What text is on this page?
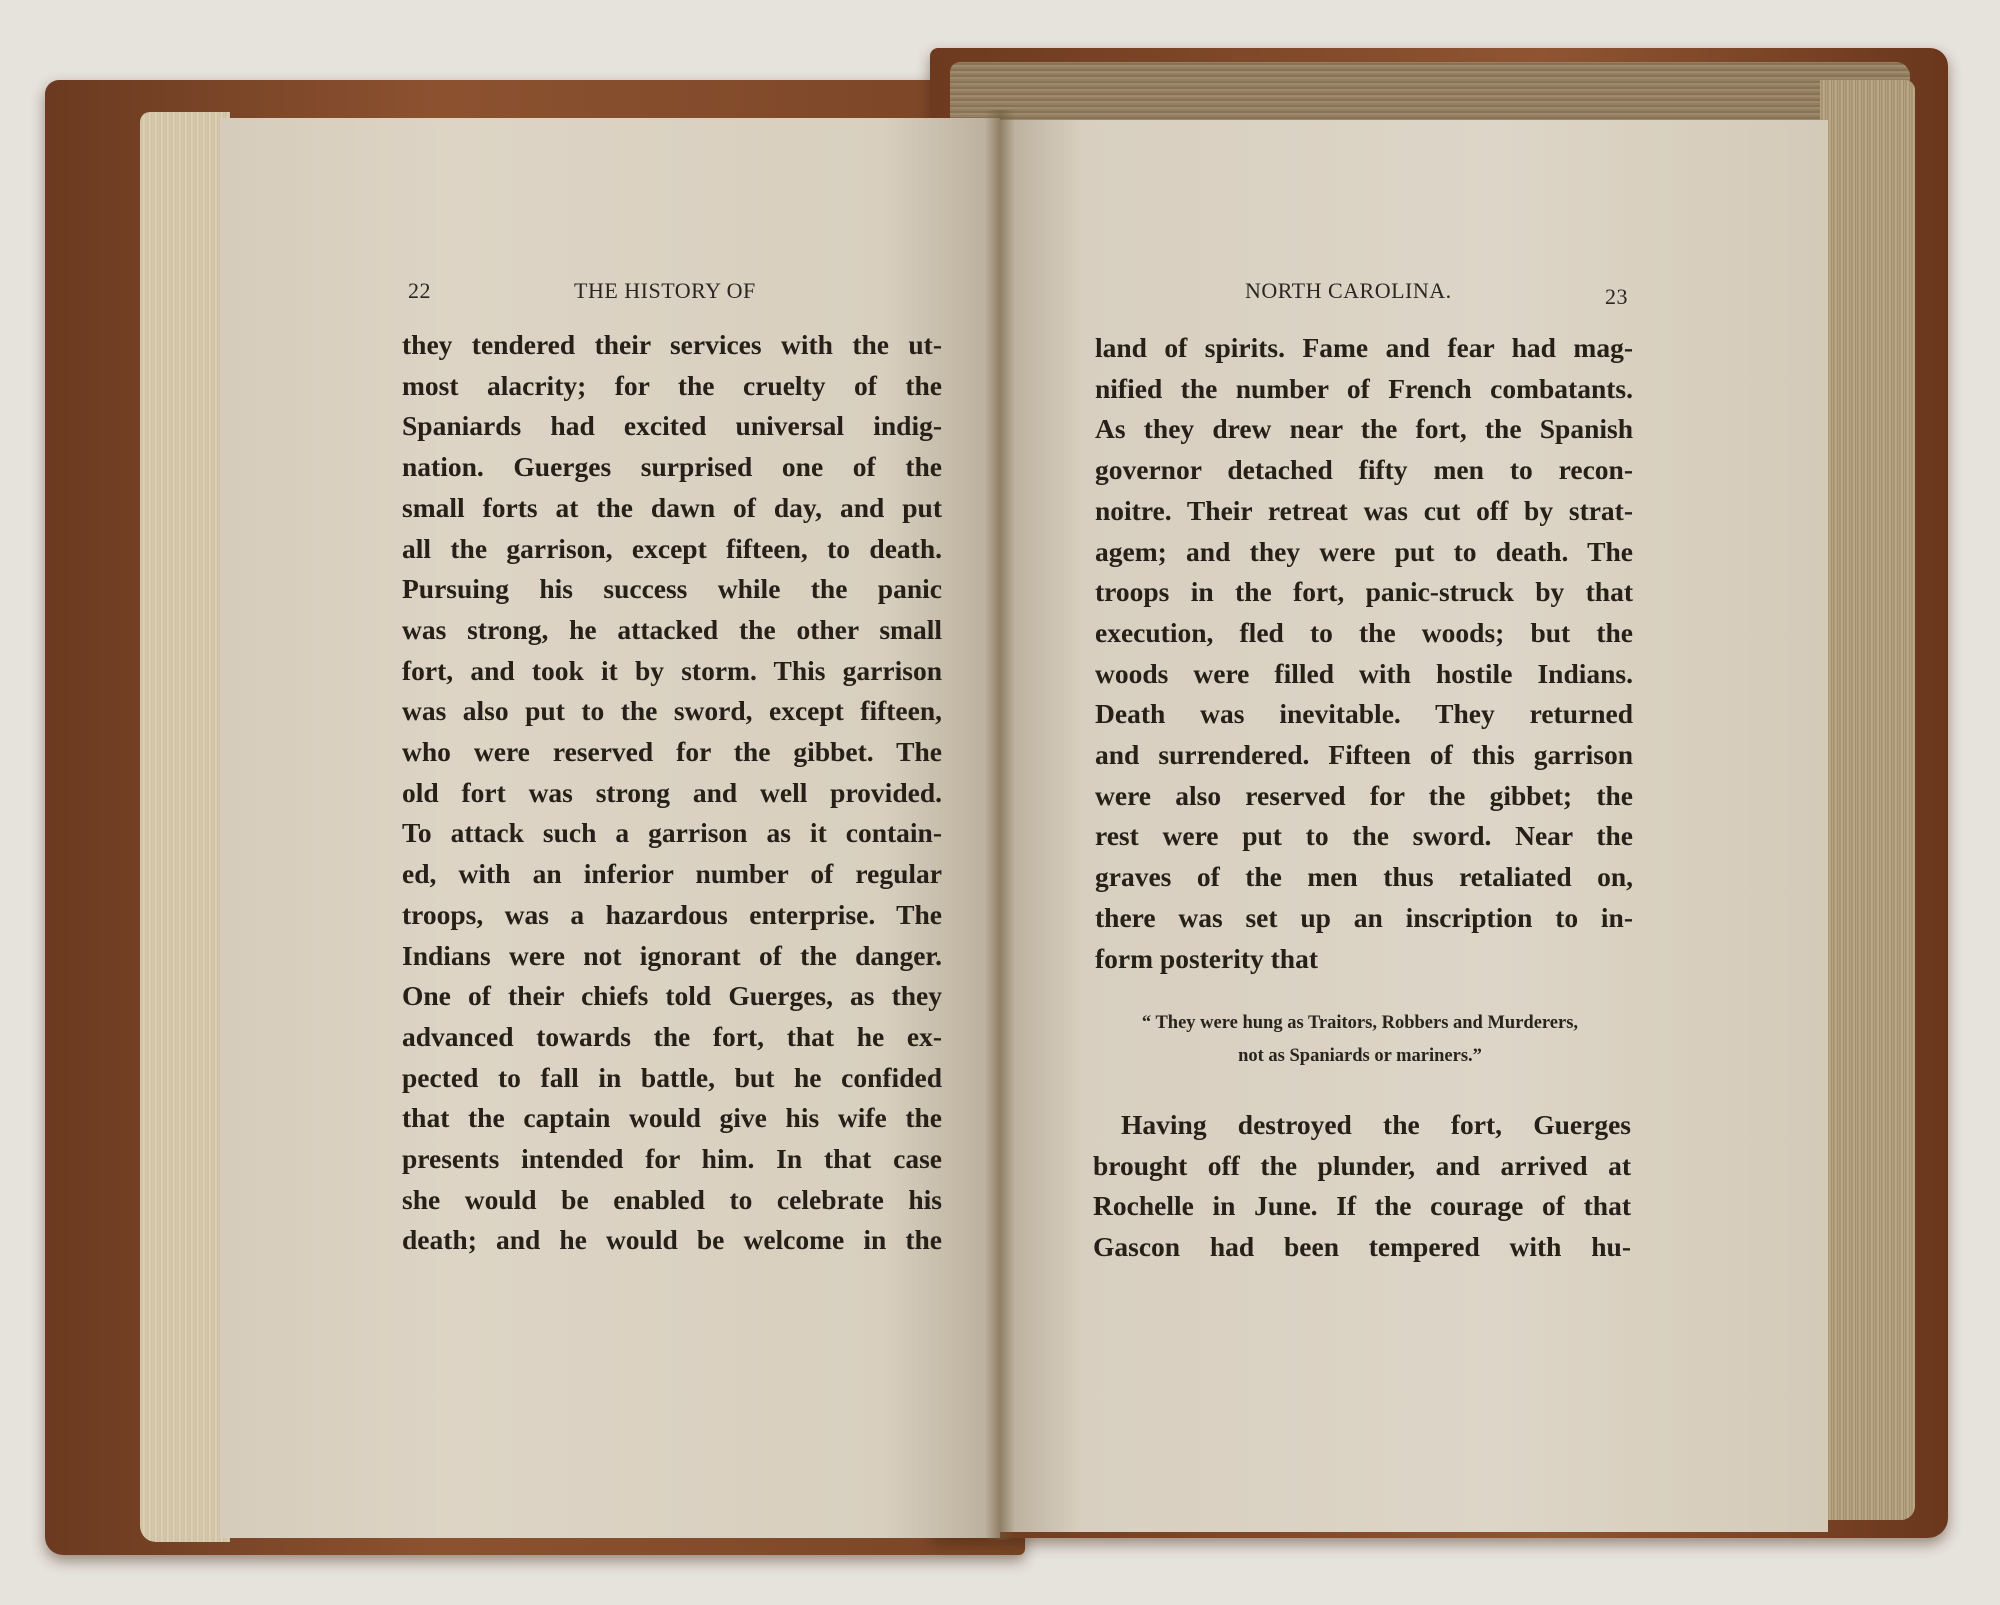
22	THE HISTORY OF	NORTH CAROLINA.	23
they tendered their services with the ut-
most alacrity; for the cruelty of the
Spaniards had excited universal indig-
nation. Guerges surprised one of the
small forts at the dawn of day, and put
all the garrison, except fifteen, to death.
Pursuing his success while the panic
was strong, he attacked the other small
fort, and took it by storm. This garrison
was also put to the sword, except fifteen,
who were reserved for the gibbet. The
old fort was strong and well provided.
To attack such a garrison as it contain-
ed, with an inferior number of regular
troops, was a hazardous enterprise. The
Indians were not ignorant of the danger.
One of their chiefs told Guerges, as they
advanced towards the fort, that he ex-
pected to fall in battle, but he confided
that the captain would give his wife the
presents intended for him. In that case
she would be enabled to celebrate his
death; and he would be welcome in the
land of spirits. Fame and fear had mag-
nified the number of French combatants.
As they drew near the fort, the Spanish
governor detached fifty men to recon-
noitre. Their retreat was cut off by strat-
agem; and they were put to death. The
troops in the fort, panic-struck by that
execution, fled to the woods; but the
woods were filled with hostile Indians.
Death was inevitable. They returned
and surrendered. Fifteen of this garrison
were also reserved for the gibbet; the
rest were put to the sword. Near the
graves of the men thus retaliated on,
there was set up an inscription to in-
form posterity that
“ They were hung as Traitors, Robbers and Murderers,
not as Spaniards or mariners.”
Having destroyed the fort, Guerges
brought off the plunder, and arrived at
Rochelle in June. If the courage of that
Gascon had been tempered with hu-
